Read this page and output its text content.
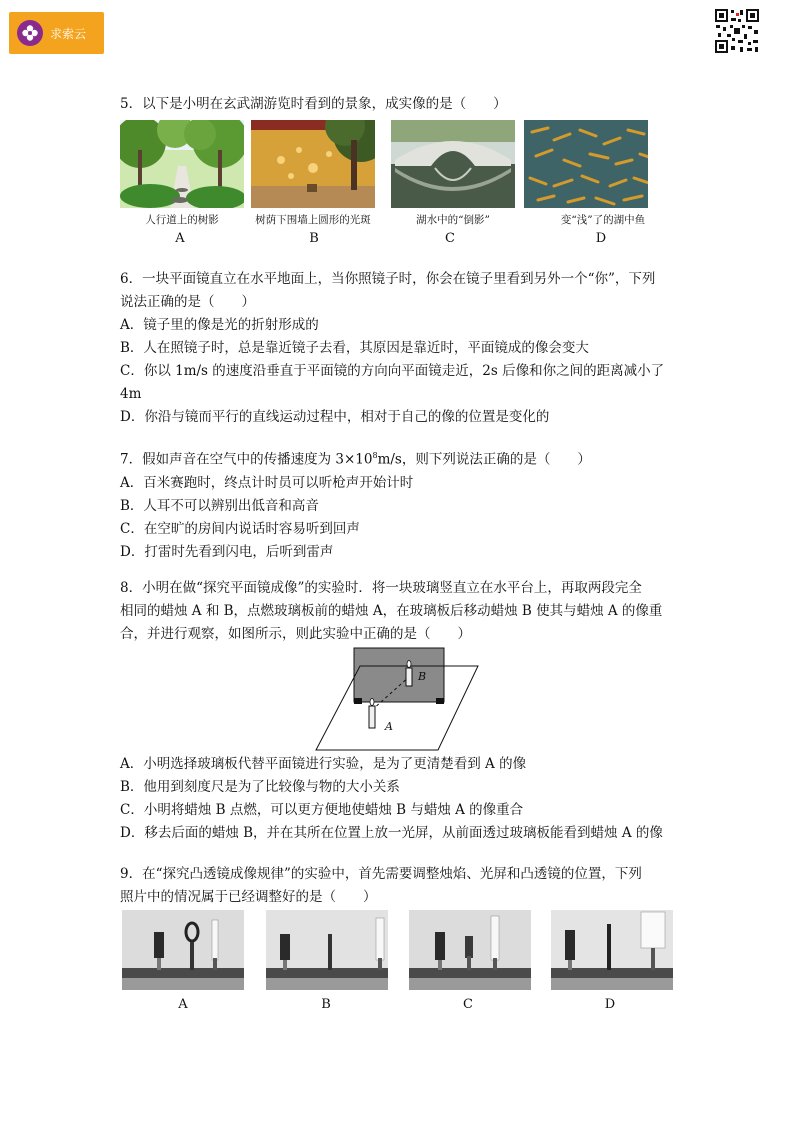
求索云

5．以下是小明在玄武湖游览时看到的景象，成实像的是（　　）

人行道上的树影	树荫下围墙上圆形的光斑	湖水中的“倒影”	变“浅”了的湖中鱼
A	B	C	D

6．一块平面镜直立在水平地面上，当你照镜子时，你会在镜子里看到另外一个“你”，下列

说法正确的是（　　）

A．镜子里的像是光的折射形成的

B．人在照镜子时，总是靠近镜子去看，其原因是靠近时，平面镜成的像会变大

C．你以 1m/s 的速度沿垂直于平面镜的方向向平面镜走近，2s 后像和你之间的距离减小了

4m

D．你沿与镜而平行的直线运动过程中，相对于自己的像的位置是变化的

7．假如声音在空气中的传播速度为 $3\times 10^8m/s$，则下列说法正确的是（　　）

A．百米赛跑时，终点计时员可以听枪声开始计时

B．人耳不可以辨别出低音和高音

C．在空旷的房间内说话时容易听到回声

D．打雷时先看到闪电，后听到雷声

8．小明在做“探究平面镜成像”的实验时．将一块玻璃竖直立在水平台上，再取两段完全

相同的蜡烛 A 和 B，点燃玻璃板前的蜡烛 A，在玻璃板后移动蜡烛 B 使其与蜡烛 A 的像重

合，并进行观察，如图所示，则此实验中正确的是（　　）

B
A

A．小明选择玻璃板代替平面镜进行实验，是为了更清楚看到 A 的像

B．他用到刻度尺是为了比较像与物的大小关系

C．小明将蜡烛 B 点燃，可以更方便地使蜡烛 B 与蜡烛 A 的像重合

D．移去后面的蜡烛 B，并在其所在位置上放一光屏，从前面透过玻璃板能看到蜡烛 A 的像

9．在“探究凸透镜成像规律”的实验中，首先需要调整烛焰、光屏和凸透镜的位置，下列

照片中的情况属于已经调整好的是（　　）

A	B	C	D
